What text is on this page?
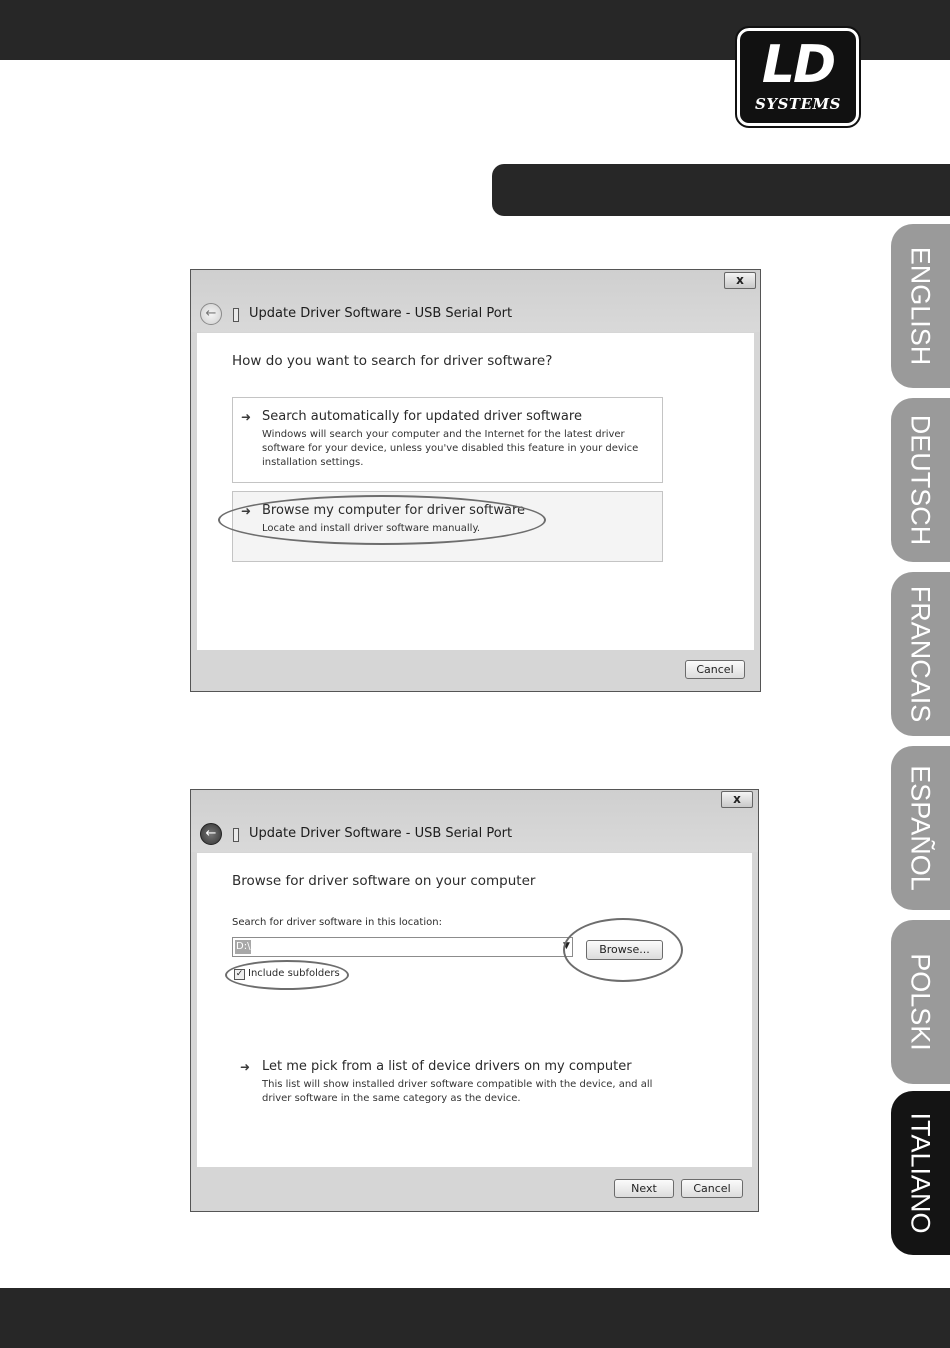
LD
SYSTEMS
ENGLISH
DEUTSCH
FRANCAIS
ESPAÑOL
POLSKI
ITALIANO
x
←	Update Driver Software - USB Serial Port
How do you want to search for driver software?
➜ Search automatically for updated driver software
Windows will search your computer and the Internet for the latest driver software for your device, unless you've disabled this feature in your device installation settings.
➜ Browse my computer for driver software
Locate and install driver software manually.
Cancel
x
←	Update Driver Software - USB Serial Port
Browse for driver software on your computer
Search for driver software in this location:
D:\	▼	Browse...
✓ Include subfolders
➜ Let me pick from a list of device drivers on my computer
This list will show installed driver software compatible with the device, and all driver software in the same category as the device.
Next	Cancel
